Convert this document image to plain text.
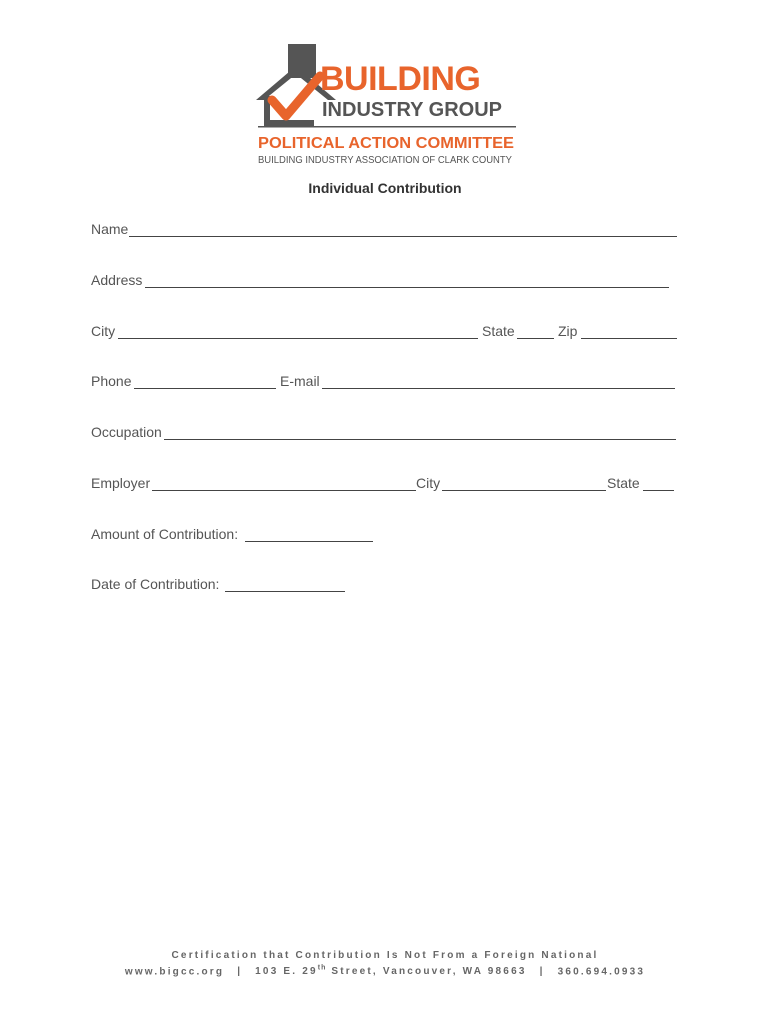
BUILDING
INDUSTRY GROUP
POLITICAL ACTION COMMITTEE
BUILDING INDUSTRY ASSOCIATION OF CLARK COUNTY
Individual Contribution
Name
Address
City	State	Zip
Phone	E-mail
Occupation
Employer	City	State
Amount of Contribution:
Date of Contribution:
Certification that Contribution Is Not From a Foreign National
www.bigcc.org | 103 E. 29th Street, Vancouver, WA 98663 | 360.694.0933
